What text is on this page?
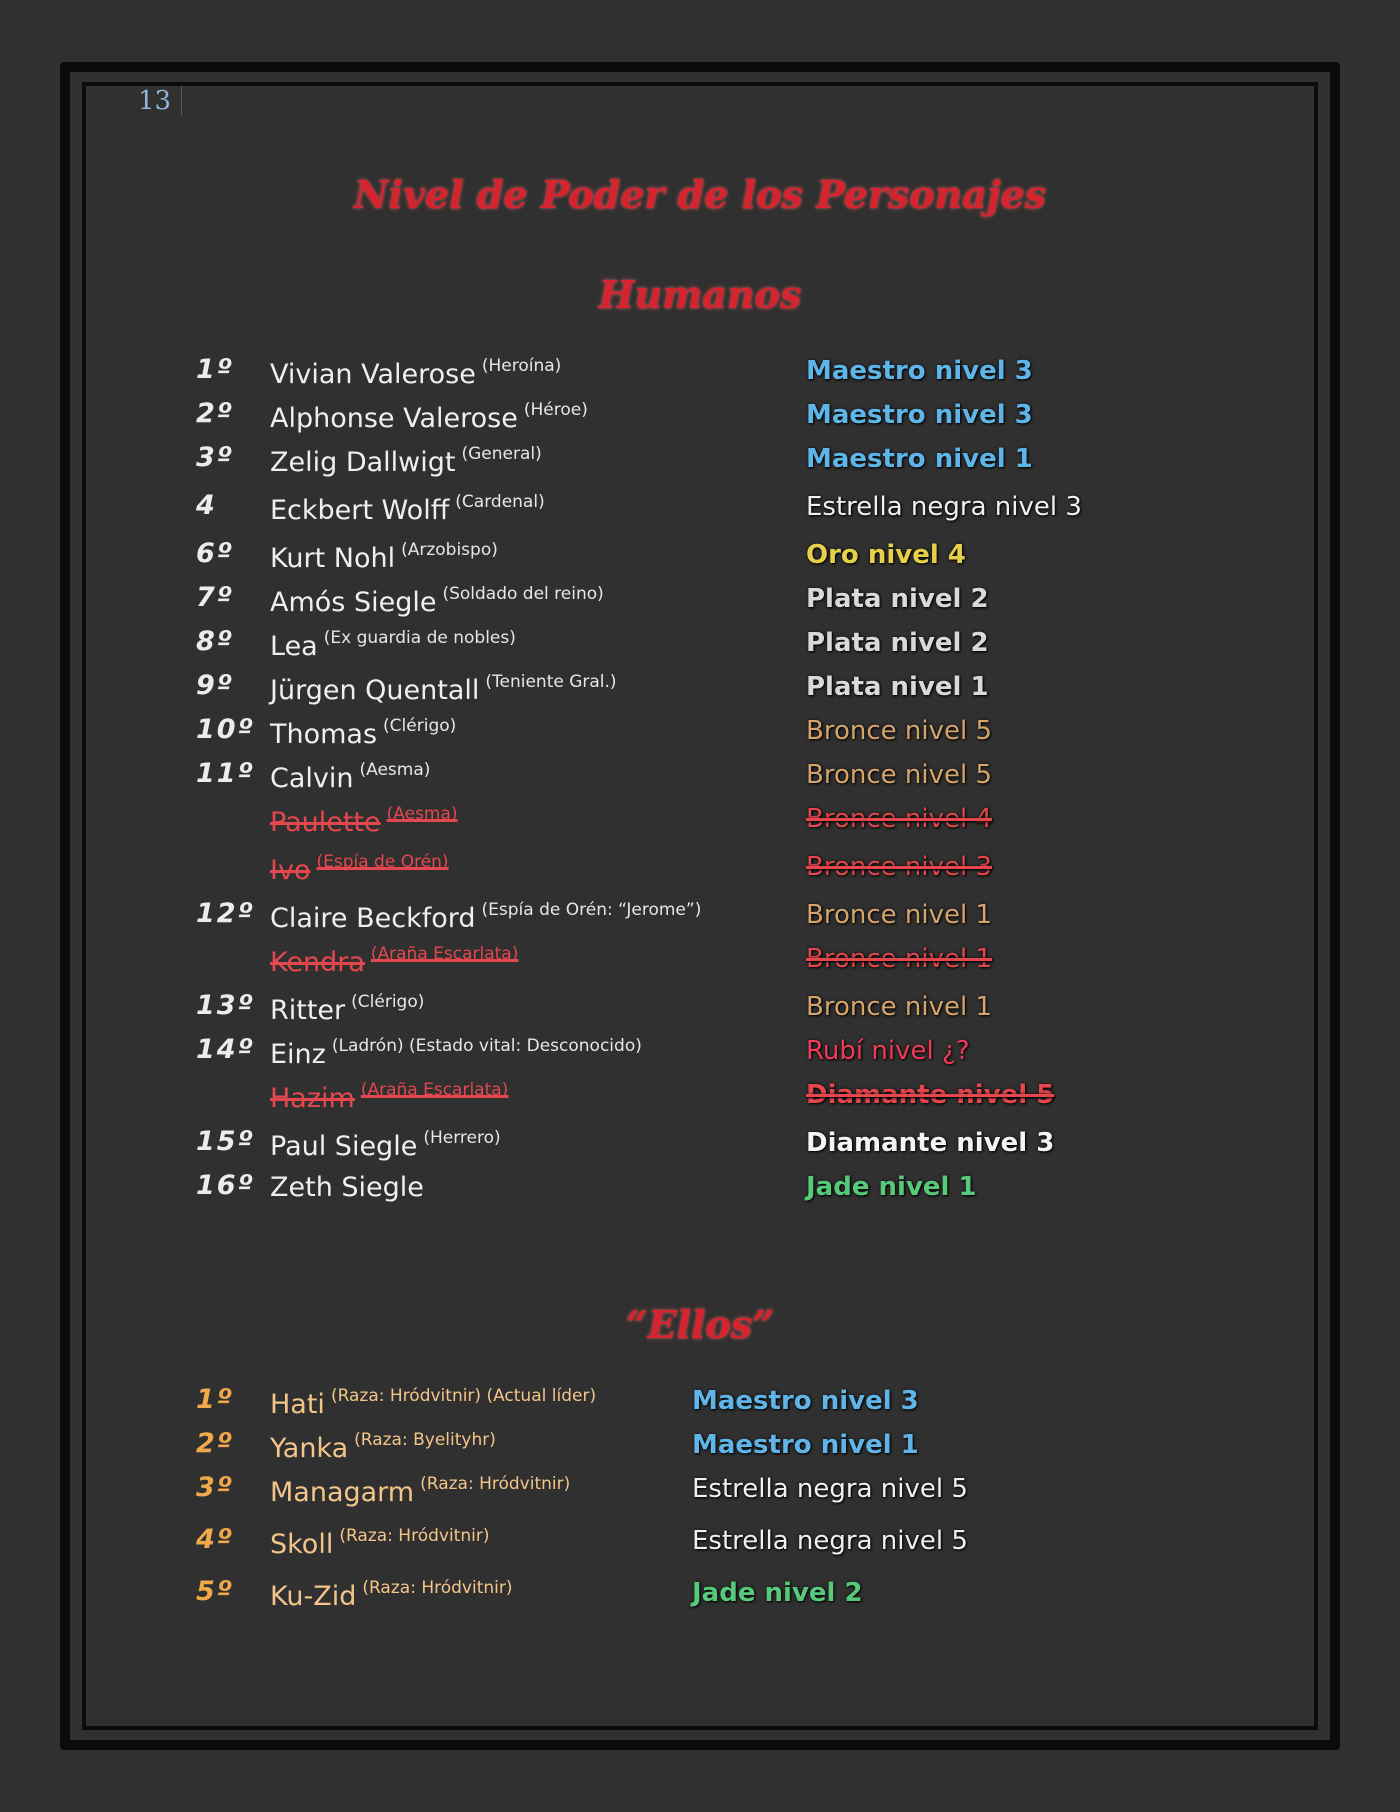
13
Nivel de Poder de los Personajes
Humanos
“Ellos”
1º Vivian Valerose $^{(Heroína)}$	Maestro nivel 3
2º Alphonse Valerose $^{(Héroe)}$	Maestro nivel 3
3º Zelig Dallwigt $^{(General)}$	Maestro nivel 1
4 Eckbert Wolff $^{(Cardenal)}$	Estrella negra nivel 3
6º Kurt Nohl $^{(Arzobispo)}$	Oro nivel 4
7º Amós Siegle $^{(Soldado del reino)}$	Plata nivel 2
8º Lea $^{(Ex guardia de nobles)}$	Plata nivel 2
9º Jürgen Quentall $^{(Teniente Gral.)}$	Plata nivel 1
10º Thomas $^{(Clérigo)}$	Bronce nivel 5
11º Calvin $^{(Aesma)}$	Bronce nivel 5
Paulette $^{(Aesma)}$	Bronce nivel 4
Ivo $^{(Espía de Orén)}$	Bronce nivel 3
12º Claire Beckford $^{(Espía de Orén: “Jerome”)}$	Bronce nivel 1
Kendra $^{(Araña Escarlata)}$	Bronce nivel 1
13º Ritter $^{(Clérigo)}$	Bronce nivel 1
14º Einz $^{(Ladrón) (Estado vital: Desconocido)}$	Rubí nivel ¿?
Hazim $^{(Araña Escarlata)}$	Diamante nivel 5
15º Paul Siegle $^{(Herrero)}$	Diamante nivel 3
16º Zeth Siegle	Jade nivel 1
1º Hati $^{(Raza: Hródvitnir) (Actual líder)}$	Maestro nivel 3
2º Yanka $^{(Raza: Byelityhr)}$	Maestro nivel 1
3º Managarm $^{(Raza: Hródvitnir)}$	Estrella negra nivel 5
4º Skoll $^{(Raza: Hródvitnir)}$	Estrella negra nivel 5
5º Ku-Zid $^{(Raza: Hródvitnir)}$	Jade nivel 2
